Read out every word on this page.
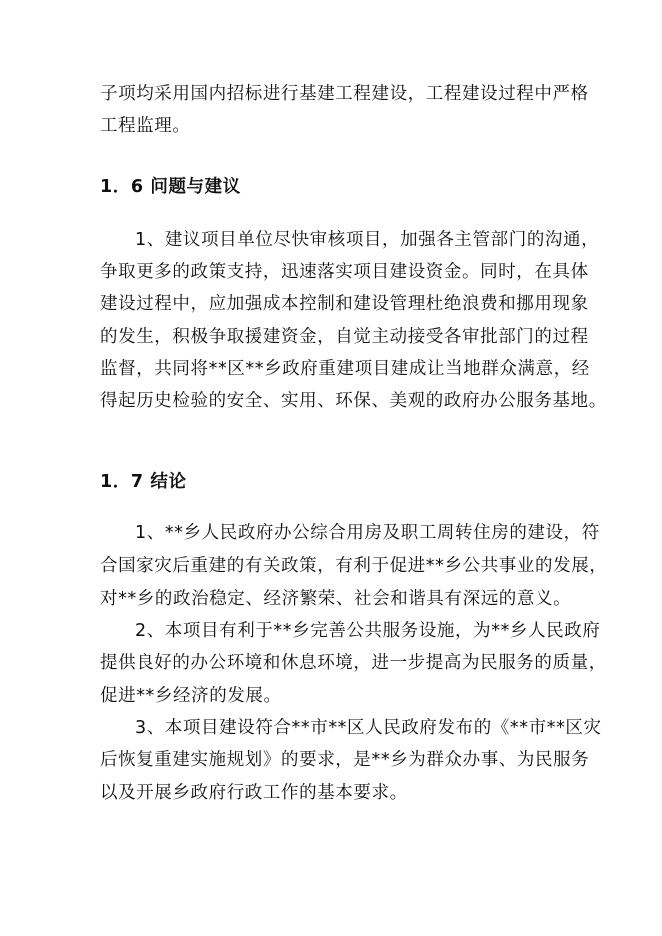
子项均采用国内招标进行基建工程建设，工程建设过程中严格
工程监理。
1．6 问题与建议
1、建议项目单位尽快审核项目，加强各主管部门的沟通，
争取更多的政策支持，迅速落实项目建设资金。同时，在具体
建设过程中，应加强成本控制和建设管理杜绝浪费和挪用现象
的发生，积极争取援建资金，自觉主动接受各审批部门的过程
监督，共同将**区**乡政府重建项目建成让当地群众满意，经
得起历史检验的安全、实用、环保、美观的政府办公服务基地。
1．7 结论
1、**乡人民政府办公综合用房及职工周转住房的建设，符
合国家灾后重建的有关政策，有利于促进**乡公共事业的发展，
对**乡的政治稳定、经济繁荣、社会和谐具有深远的意义。
2、本项目有利于**乡完善公共服务设施，为**乡人民政府
提供良好的办公环境和休息环境，进一步提高为民服务的质量，
促进**乡经济的发展。
3、本项目建设符合**市**区人民政府发布的《**市**区灾
后恢复重建实施规划》的要求，是**乡为群众办事、为民服务
以及开展乡政府行政工作的基本要求。
